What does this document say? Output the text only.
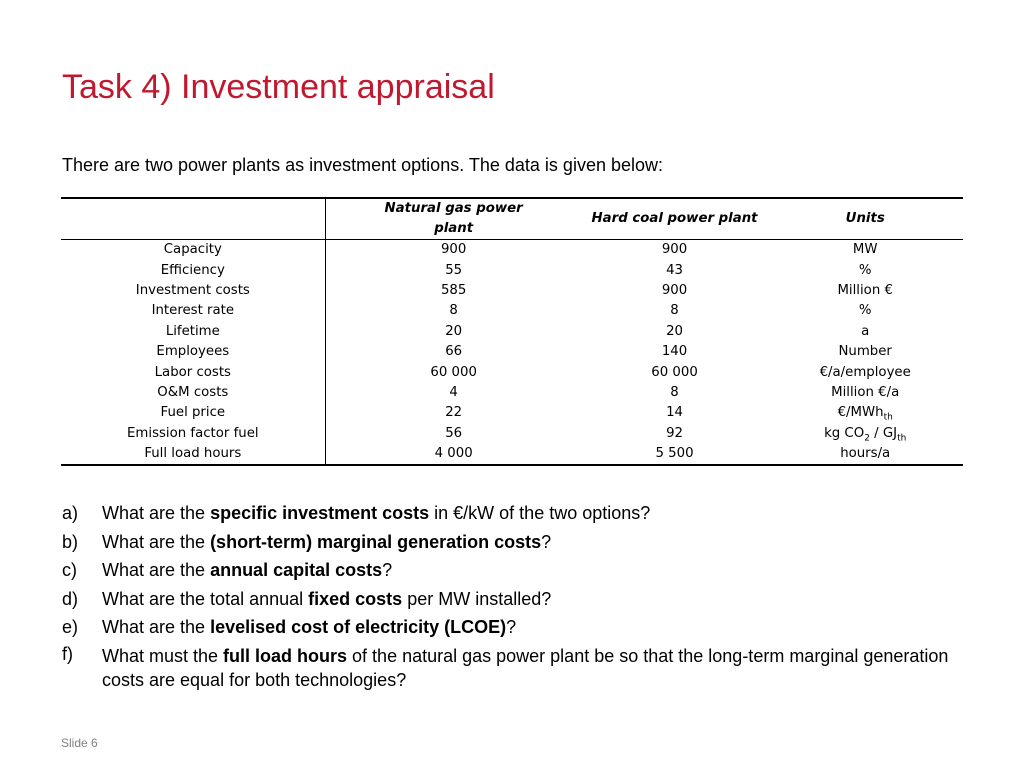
Task 4) Investment appraisal

There are two power plants as investment options. The data is given below:

	Natural gas power plant	Hard coal power plant	Units
Capacity	900	900	MW
Efficiency	55	43	%
Investment costs	585	900	Million €
Interest rate	8	8	%
Lifetime	20	20	a
Employees	66	140	Number
Labor costs	60 000	60 000	€/a/employee
O&M costs	4	8	Million €/a
Fuel price	22	14	€/MWh$_{th}$
Emission factor fuel	56	92	kg $CO_2 / GJ_{th}$
Full load hours	4 000	5 500	hours/a
a) What are the specific investment costs in €/kW of the two options?
b) What are the (short-term) marginal generation costs?
c) What are the annual capital costs?
d) What are the total annual fixed costs per MW installed?
e) What are the levelised cost of electricity (LCOE)?
f) What must the full load hours of the natural gas power plant be so that the long-term marginal generation costs are equal for both technologies?
Slide 6
